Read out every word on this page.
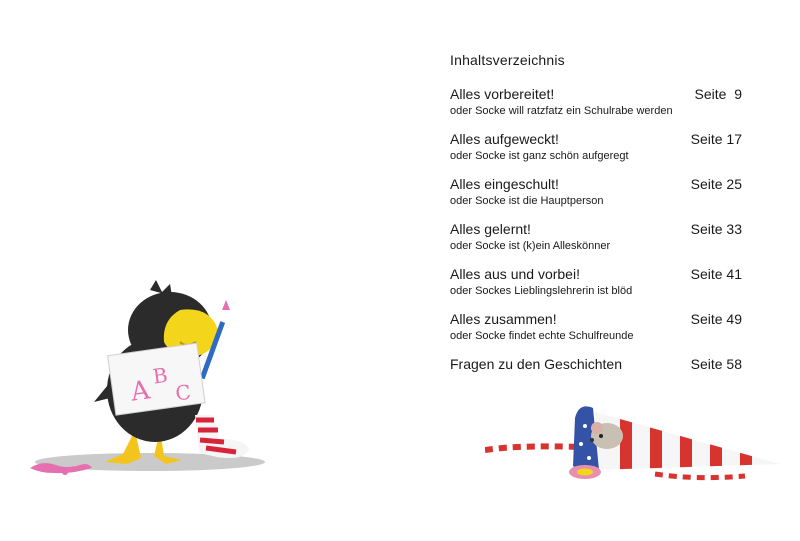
A B
C
Inhaltsverzeichnis
Alles vorbereitet!	Seite  9
oder Socke will ratzfatz ein Schulrabe werden
Alles aufgeweckt!	Seite 17
oder Socke ist ganz schön aufgeregt
Alles eingeschult!	Seite 25
oder Socke ist die Hauptperson
Alles gelernt!	Seite 33
oder Socke ist (k)ein Alleskönner
Alles aus und vorbei!	Seite 41
oder Sockes Lieblingslehrerin ist blöd
Alles zusammen!	Seite 49
oder Socke findet echte Schulfreunde
Fragen zu den Geschichten	Seite 58
